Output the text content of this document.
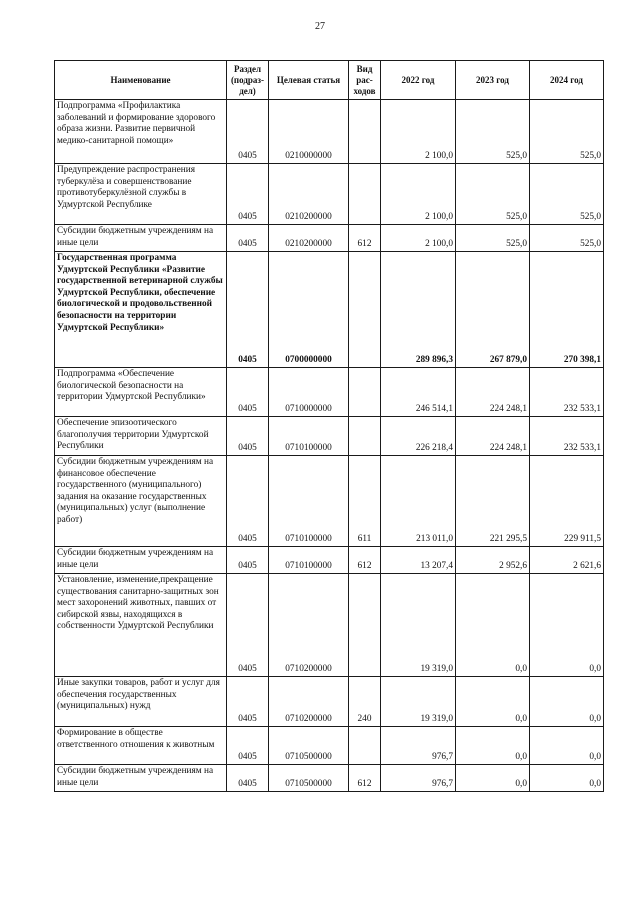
27
Наименование	Раздел (подраз-дел)	Целевая статья	Вид рас-ходов	2022 год	2023 год	2024 год
Подпрограмма «Профилактика заболеваний и формирование здорового образа жизни. Развитие первичной медико-санитарной помощи»	0405	0210000000		2 100,0	525,0	525,0
Предупреждение распространения туберкулёза и совершенствование противотуберкулёзной службы в Удмуртской Республике	0405	0210200000		2 100,0	525,0	525,0
Субсидии бюджетным учреждениям на иные цели	0405	0210200000	612	2 100,0	525,0	525,0
Государственная программа Удмуртской Республики «Развитие государственной ветеринарной службы Удмуртской Республики, обеспечение биологической и продовольственной безопасности на территории Удмуртской Республики»	0405	0700000000		289 896,3	267 879,0	270 398,1
Подпрограмма «Обеспечение биологической безопасности на территории Удмуртской Республики»	0405	0710000000		246 514,1	224 248,1	232 533,1
Обеспечение эпизоотического благополучия территории Удмуртской Республики	0405	0710100000		226 218,4	224 248,1	232 533,1
Субсидии бюджетным учреждениям на финансовое обеспечение государственного (муниципального) задания на оказание государственных (муниципальных) услуг (выполнение работ)	0405	0710100000	611	213 011,0	221 295,5	229 911,5
Субсидии бюджетным учреждениям на иные цели	0405	0710100000	612	13 207,4	2 952,6	2 621,6
Установление, изменение,прекращение существования санитарно-защитных зон мест захоронений животных, павших от сибирской язвы, находящихся в собственности Удмуртской Республики	0405	0710200000		19 319,0	0,0	0,0
Иные закупки товаров, работ и услуг для обеспечения государственных (муниципальных) нужд	0405	0710200000	240	19 319,0	0,0	0,0
Формирование в обществе ответственного отношения к животным	0405	0710500000		976,7	0,0	0,0
Субсидии бюджетным учреждениям на иные цели	0405	0710500000	612	976,7	0,0	0,0
